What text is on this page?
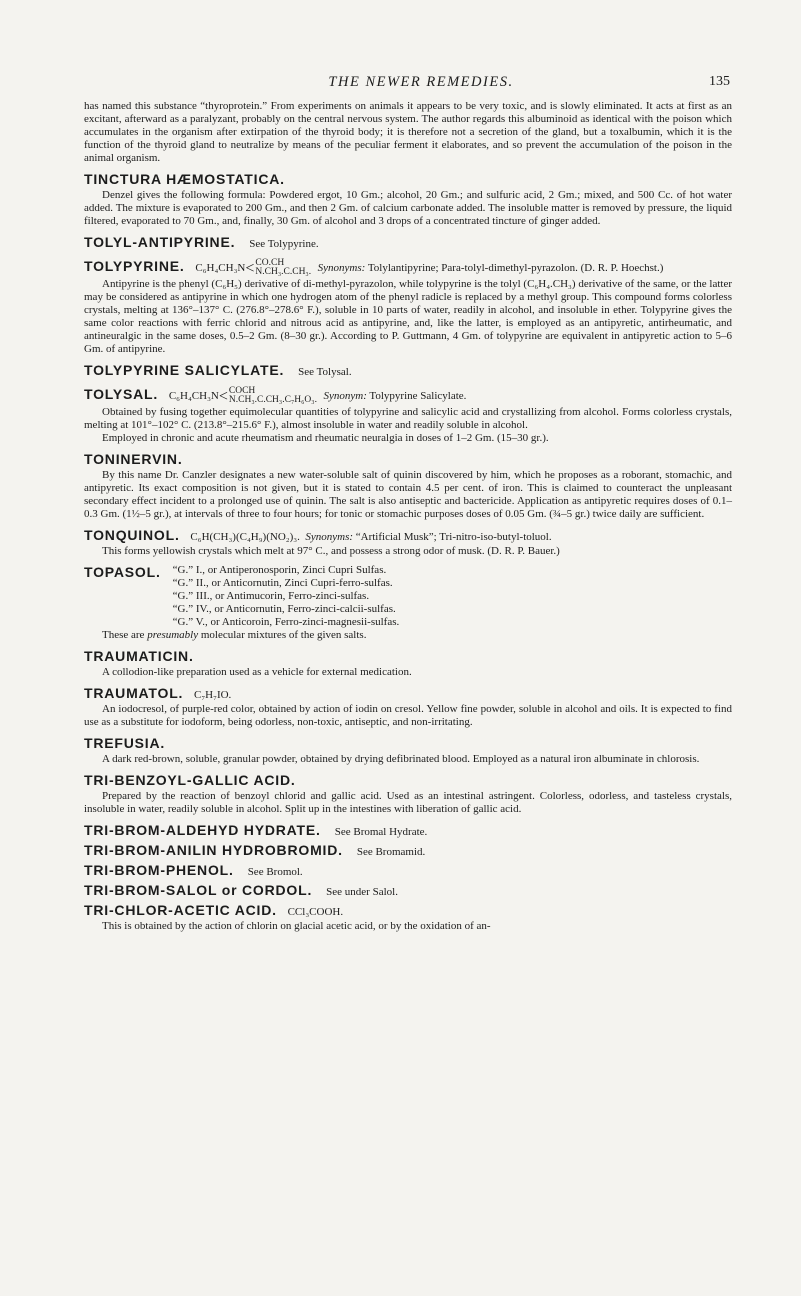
THE NEWER REMEDIES.	135

has named this substance “thyroprotein.” From experiments on animals it appears to be very toxic, and is slowly eliminated. It acts at first as an excitant, afterward as a paralyzant, probably on the central nervous system. The author regards this albuminoid as identical with the poison which accumulates in the organism after extirpation of the thyroid body; it is therefore not a secretion of the gland, but a toxalbumin, which it is the function of the thyroid gland to neutralize by means of the peculiar ferment it elaborates, and so prevent the accumulation of the poison in the animal organism.

TINCTURA HÆMOSTATICA.

Denzel gives the following formula: Powdered ergot, 10 Gm.; alcohol, 20 Gm.; and sulfuric acid, 2 Gm.; mixed, and 500 Cc. of hot water added. The mixture is evaporated to 200 Gm., and then 2 Gm. of calcium carbonate added. The insoluble matter is removed by pressure, the liquid filtered, evaporated to 70 Gm., and, finally, 30 Gm. of alcohol and 3 drops of a concentrated tincture of ginger added.

TOLYL-ANTIPYRINE. See Tolypyrine.
TOLYPYRINE. C₆H₄CH₃N< CO.CH
N.CH₃.C.CH₃. Synonyms: Tolylantipyrine; Para-tolyl-dimethyl-pyrazolon. (D. R. P. Hoechst.)

Antipyrine is the phenyl (C₆H₅) derivative of di-methyl-pyrazolon, while tolypyrine is the tolyl (C₆H₄.CH₃) derivative of the same, or the latter may be considered as antipyrine in which one hydrogen atom of the phenyl radicle is replaced by a methyl group. This compound forms colorless crystals, melting at 136°–137° C. (276.8°–278.6° F.), soluble in 10 parts of water, readily in alcohol, and insoluble in ether. Tolypyrine gives the same color reactions with ferric chlorid and nitrous acid as antipyrine, and, like the latter, is employed as an antipyretic, antirheumatic, and antineuralgic in the same doses, 0.5–2 Gm. (8–30 gr.). According to P. Guttmann, 4 Gm. of tolypyrine are equivalent in antipyretic action to 5–6 Gm. of antipyrine.

TOLYPYRINE SALICYLATE. See Tolysal.
TOLYSAL. C₆H₄CH₃N< COCH
N.CH₃.C.CH₃.C₇H₆O₃. Synonym: Tolypyrine Salicylate.

Obtained by fusing together equimolecular quantities of tolypyrine and salicylic acid and crystallizing from alcohol. Forms colorless crystals, melting at 101°–102° C. (213.8°–215.6° F.), almost insoluble in water and readily soluble in alcohol.

Employed in chronic and acute rheumatism and rheumatic neuralgia in doses of 1–2 Gm. (15–30 gr.).

TONINERVIN.

By this name Dr. Canzler designates a new water-soluble salt of quinin discovered by him, which he proposes as a roborant, stomachic, and antipyretic. Its exact composition is not given, but it is stated to contain 4.5 per cent. of iron. This is claimed to counteract the unpleasant secondary effect incident to a prolonged use of quinin. The salt is also antiseptic and bactericide. Application as antipyretic requires doses of 0.1–0.3 Gm. (1½–5 gr.), at intervals of three to four hours; for tonic or stomachic purposes doses of 0.05 Gm. (¾–5 gr.) twice daily are sufficient.

TONQUINOL. C₆H(CH₃)(C₄H₉)(NO₂)₃. Synonyms: “Artificial Musk”; Tri-nitro-iso-butyl-toluol.

This forms yellowish crystals which melt at 97° C., and possess a strong odor of musk. (D. R. P. Bauer.)

TOPASOL. “G.” I., or Antiperonosporin, Zinci Cupri Sulfas.
“G.” II., or Anticornutin, Zinci Cupri-ferro-sulfas.
“G.” III., or Antimucorin, Ferro-zinci-sulfas.
“G.” IV., or Anticornutin, Ferro-zinci-calcii-sulfas.
“G.” V., or Anticoroin, Ferro-zinci-magnesii-sulfas.

These are presumably molecular mixtures of the given salts.

TRAUMATICIN.

A collodion-like preparation used as a vehicle for external medication.

TRAUMATOL. C₇H₇IO.

An iodocresol, of purple-red color, obtained by action of iodin on cresol. Yellow fine powder, soluble in alcohol and oils. It is expected to find use as a substitute for iodoform, being odorless, non-toxic, antiseptic, and non-irritating.

TREFUSIA.

A dark red-brown, soluble, granular powder, obtained by drying defibrinated blood. Employed as a natural iron albuminate in chlorosis.

TRI-BENZOYL-GALLIC ACID.

Prepared by the reaction of benzoyl chlorid and gallic acid. Used as an intestinal astringent. Colorless, odorless, and tasteless crystals, insoluble in water, readily soluble in alcohol. Split up in the intestines with liberation of gallic acid.

TRI-BROM-ALDEHYD HYDRATE. See Bromal Hydrate.
TRI-BROM-ANILIN HYDROBROMID. See Bromamid.
TRI-BROM-PHENOL. See Bromol.
TRI-BROM-SALOL or CORDOL. See under Salol.
TRI-CHLOR-ACETIC ACID. CCl₃COOH.

This is obtained by the action of chlorin on glacial acetic acid, or by the oxidation of an-
